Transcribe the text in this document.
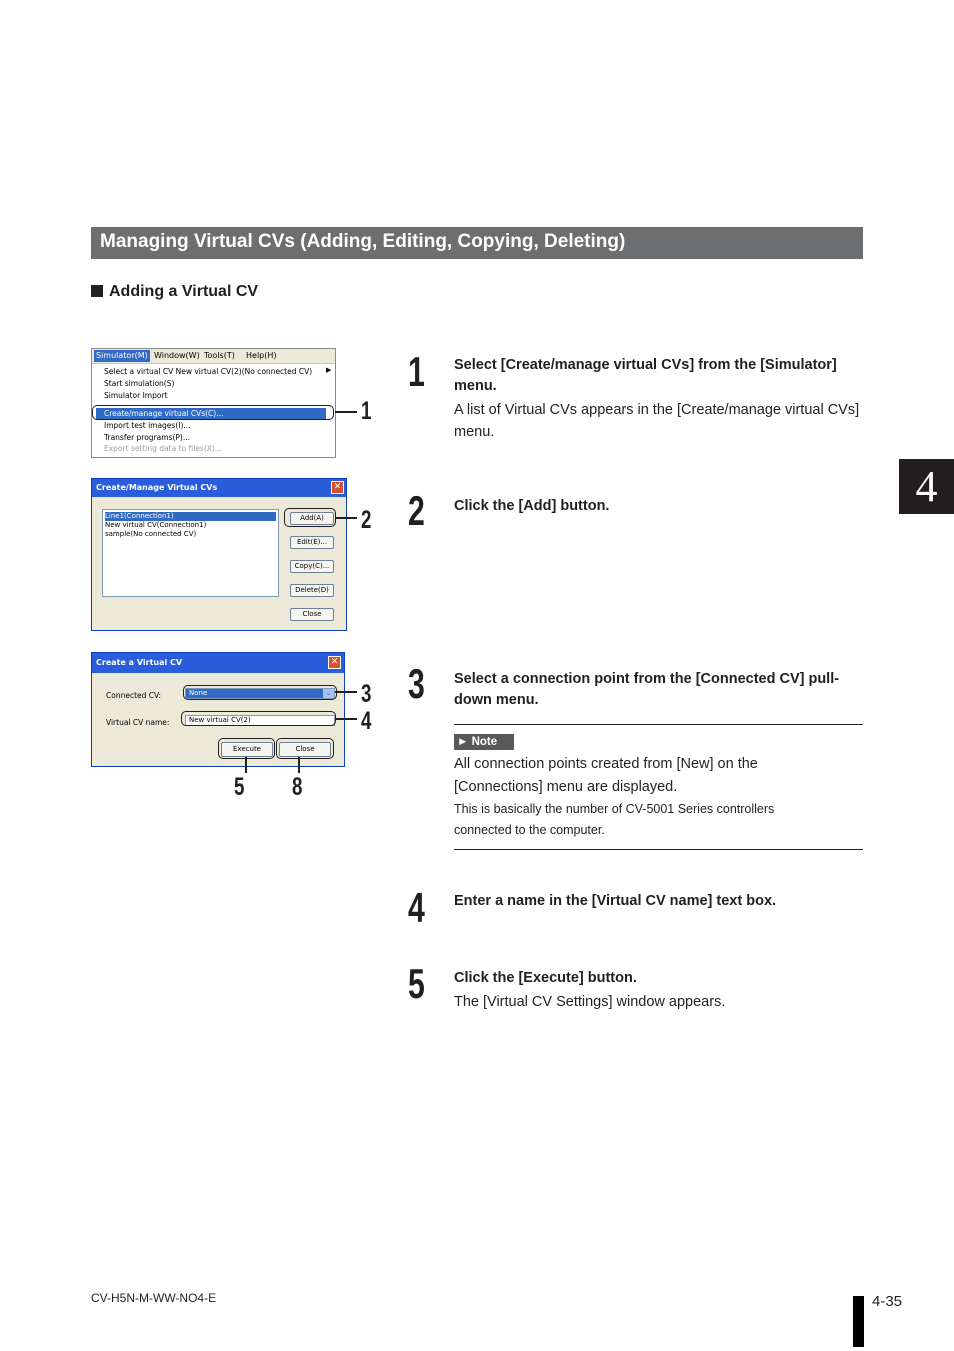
Managing Virtual CVs (Adding, Editing, Copying, Deleting)
Adding a Virtual CV
4
Simulator(M) Window(W) Tools(T) Help(H)
Select a virtual CV New virtual CV(2)(No connected CV) ▶
Start simulation(S)
Simulator Import
Create/manage virtual CVs(C)...
Import test images(I)...
Transfer programs(P)...
Export setting data to files(X)...
1
Create/Manage Virtual CVs	✕
Line1(Connection1)
New virtual CV(Connection1)
sample(No connected CV)
Add(A)
Edit(E)...
Copy(C)...
Delete(D)
Close
2
Create a Virtual CV	✕
Connected CV:	None	⌄
Virtual CV name:	New virtual CV(2)
Execute	Close
3
4
5 8
1 Select [Create/manage virtual CVs] from the [Simulator] menu.
A list of Virtual CVs appears in the [Create/manage virtual CVs] menu.
2 Click the [Add] button.
3 Select a connection point from the [Connected CV] pull-down menu.
► Note
All connection points created from [New] on the [Connections] menu are displayed.
This is basically the number of CV-5001 Series controllers connected to the computer.
4 Enter a name in the [Virtual CV name] text box.
5 Click the [Execute] button.
The [Virtual CV Settings] window appears.
CV-H5N-M-WW-NO4-E	4-35
